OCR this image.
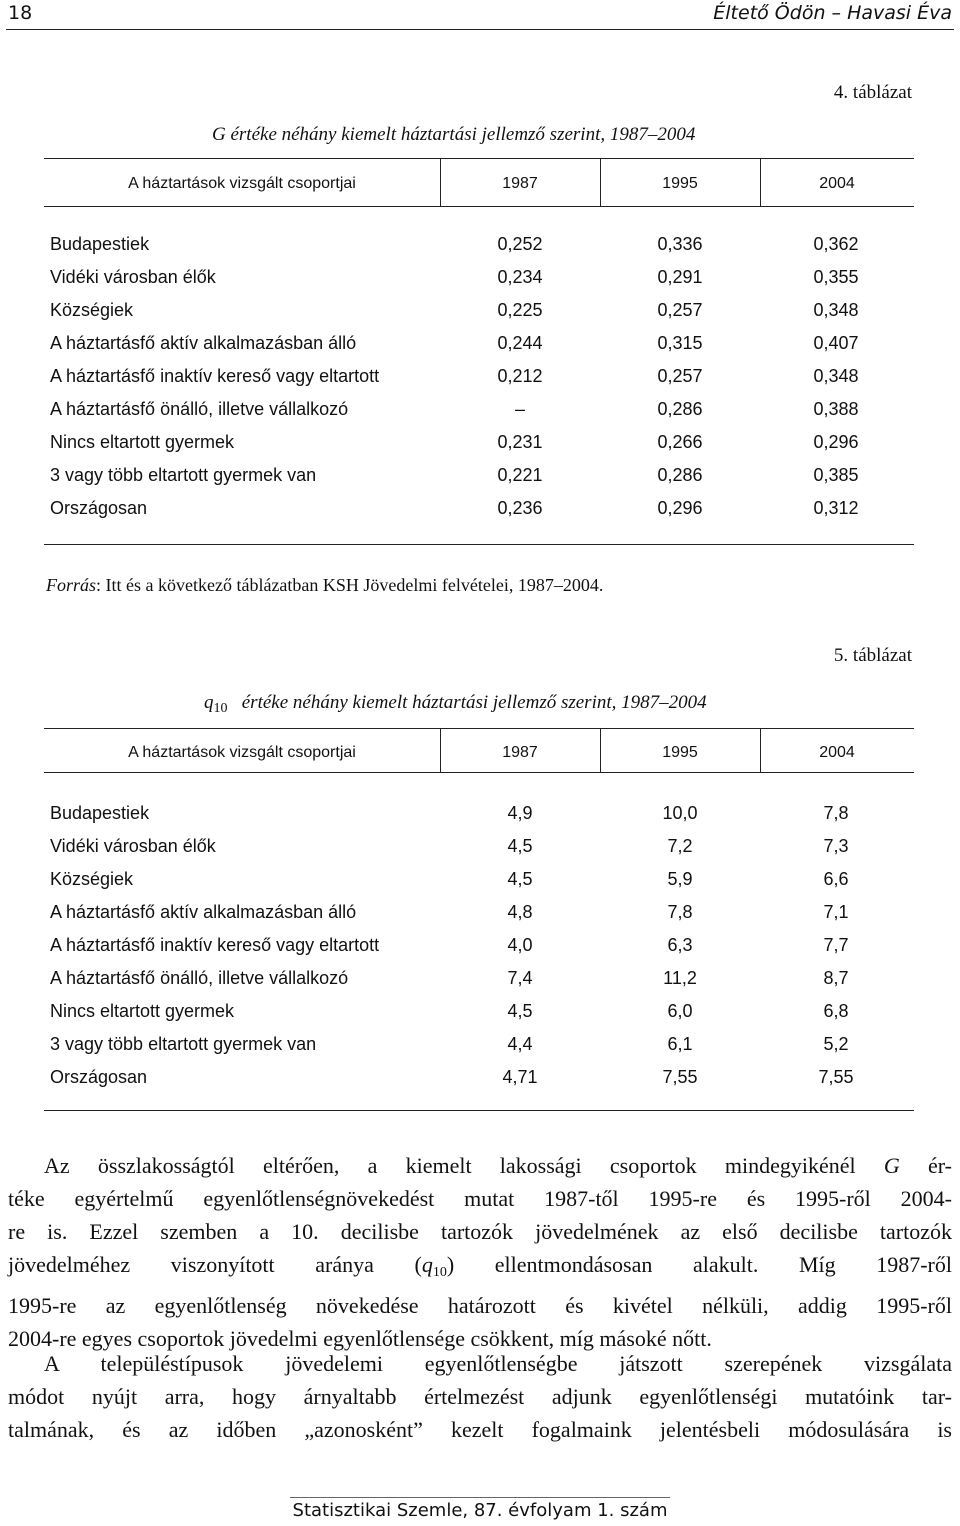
18	Éltető Ödön – Havasi Éva
4. táblázat
G értéke néhány kiemelt háztartási jellemző szerint, 1987–2004
A háztartások vizsgált csoportjai	1987	1995	2004
Budapestiek	0,252	0,336	0,362
Vidéki városban élők	0,234	0,291	0,355
Községiek	0,225	0,257	0,348
A háztartásfő aktív alkalmazásban álló	0,244	0,315	0,407
A háztartásfő inaktív kereső vagy eltartott	0,212	0,257	0,348
A háztartásfő önálló, illetve vállalkozó	–	0,286	0,388
Nincs eltartott gyermek	0,231	0,266	0,296
3 vagy több eltartott gyermek van	0,221	0,286	0,385
Országosan	0,236	0,296	0,312
Forrás: Itt és a következő táblázatban KSH Jövedelmi felvételei, 1987–2004.
5. táblázat
$q_{10}$ értéke néhány kiemelt háztartási jellemző szerint, 1987–2004
A háztartások vizsgált csoportjai	1987	1995	2004
Budapestiek	4,9	10,0	7,8
Vidéki városban élők	4,5	7,2	7,3
Községiek	4,5	5,9	6,6
A háztartásfő aktív alkalmazásban álló	4,8	7,8	7,1
A háztartásfő inaktív kereső vagy eltartott	4,0	6,3	7,7
A háztartásfő önálló, illetve vállalkozó	7,4	11,2	8,7
Nincs eltartott gyermek	4,5	6,0	6,8
3 vagy több eltartott gyermek van	4,4	6,1	5,2
Országosan	4,71	7,55	7,55
Az összlakosságtól eltérően, a kiemelt lakossági csoportok mindegyikénél G ér-
téke egyértelmű egyenlőtlenségnövekedést mutat 1987-től 1995-re és 1995-ről 2004-
re is. Ezzel szemben a 10. decilisbe tartozók jövedelmének az első decilisbe tartozók
jövedelméhez viszonyított aránya $(q_{10})$ ellentmondásosan alakult. Míg 1987-ről
1995-re az egyenlőtlenség növekedése határozott és kivétel nélküli, addig 1995-ről
2004-re egyes csoportok jövedelmi egyenlőtlensége csökkent, míg másoké nőtt.
A településtípusok jövedelemi egyenlőtlenségbe játszott szerepének vizsgálata
módot nyújt arra, hogy árnyaltabb értelmezést adjunk egyenlőtlenségi mutatóink tar-
talmának, és az időben „azonosként” kezelt fogalmaink jelentésbeli módosulására is
Statisztikai Szemle, 87. évfolyam 1. szám
